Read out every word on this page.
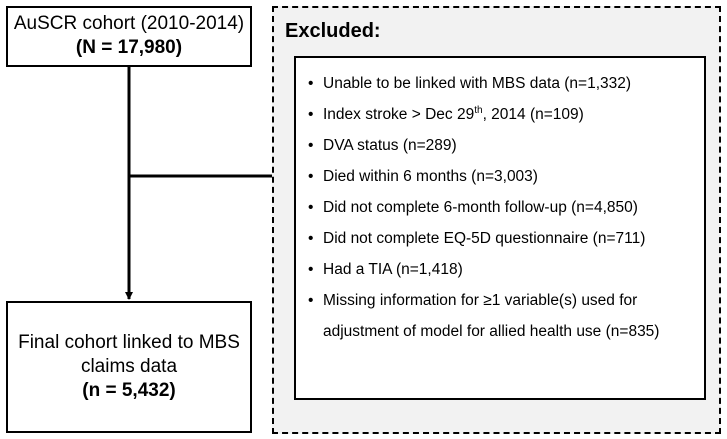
AuSCR cohort (2010-2014)
(N = 17,980)
Final cohort linked to MBS
claims data
(n = 5,432)
Excluded:
• Unable to be linked with MBS data (n=1,332)
• Index stroke > Dec 29th, 2014 (n=109)
• DVA status (n=289)
• Died within 6 months (n=3,003)
• Did not complete 6-month follow-up (n=4,850)
• Did not complete EQ-5D questionnaire (n=711)
• Had a TIA (n=1,418)
• Missing information for ≥1 variable(s) used for
adjustment of model for allied health use (n=835)
